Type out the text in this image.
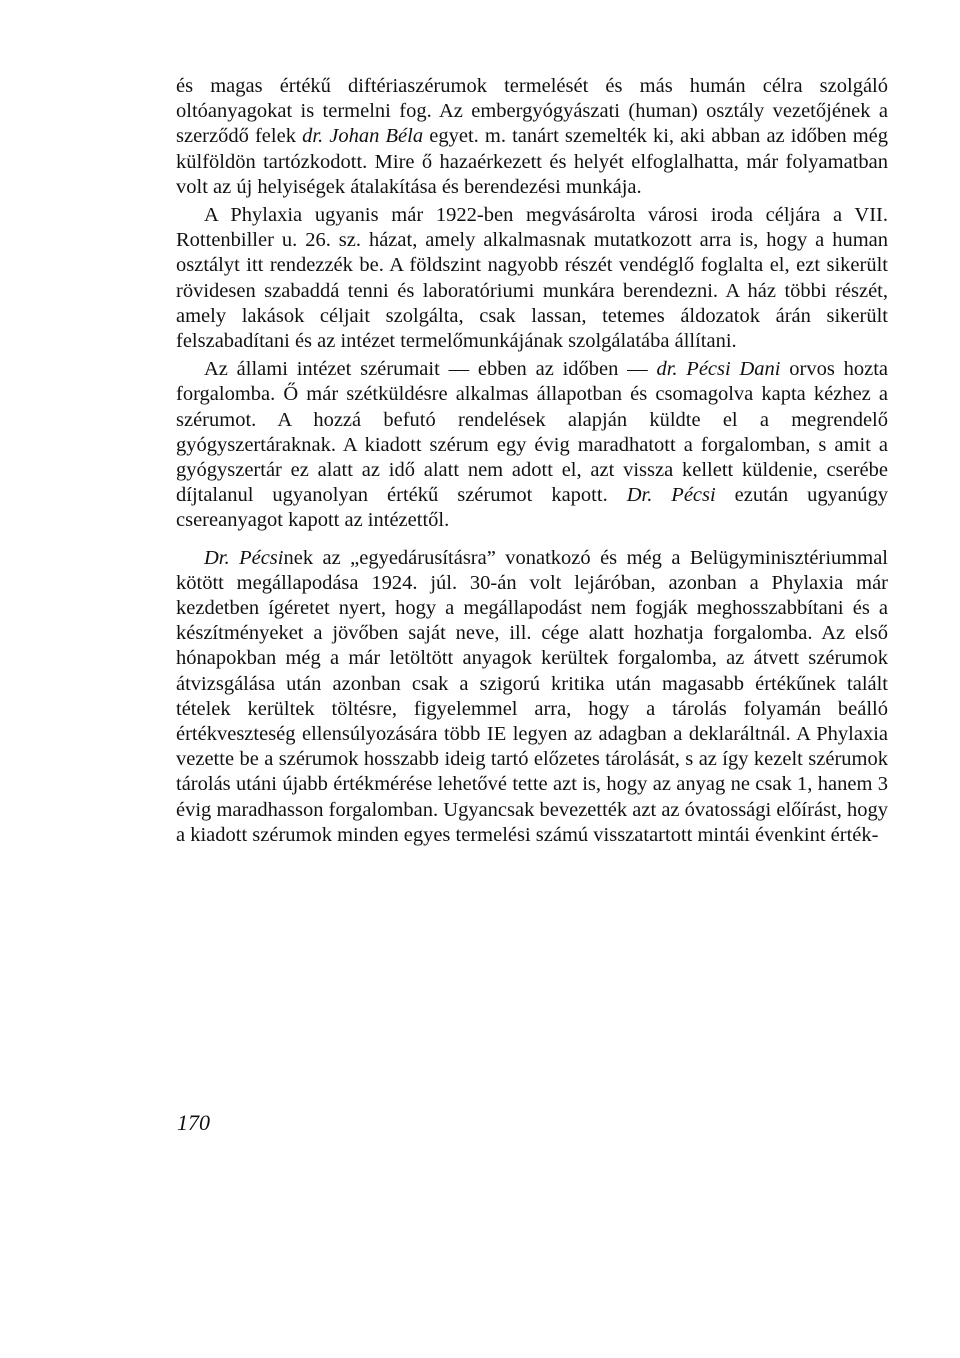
és magas értékű diftériaszérumok termelését és más humán célra szolgáló oltóanyagokat is termelni fog. Az embergyógyászati (human) osztály vezetőjének a szerződő felek dr. Johan Béla egyet. m. tanárt szemelték ki, aki abban az időben még külföldön tartózkodott. Mire ő hazaérkezett és helyét elfoglalhatta, már folyamatban volt az új helyiségek átalakítása és berendezési munkája.

A Phylaxia ugyanis már 1922-ben megvásárolta városi iroda céljára a VII. Rottenbiller u. 26. sz. házat, amely alkalmasnak mutatkozott arra is, hogy a human osztályt itt rendezzék be. A földszint nagyobb részét vendéglő foglalta el, ezt sikerült rövidesen szabaddá tenni és laboratóriumi munkára berendezni. A ház többi részét, amely lakások céljait szolgálta, csak lassan, tetemes áldozatok árán sikerült felszabadítani és az intézet termelőmunkájának szolgálatába állítani.

Az állami intézet szérumait — ebben az időben — dr. Pécsi Dani orvos hozta forgalomba. Ő már szétküldésre alkalmas állapotban és csomagolva kapta kézhez a szérumot. A hozzá befutó rendelések alapján küldte el a megrendelő gyógyszertáraknak. A kiadott szérum egy évig maradhatott a forgalomban, s amit a gyógyszertár ez alatt az idő alatt nem adott el, azt vissza kellett küldenie, cserébe díjtalanul ugyanolyan értékű szérumot kapott. Dr. Pécsi ezután ugyanúgy csereanyagot kapott az intézettől.

Dr. Pécsinek az „egyedárusításra” vonatkozó és még a Belügyminisztériummal kötött megállapodása 1924. júl. 30-án volt lejáróban, azonban a Phylaxia már kezdetben ígéretet nyert, hogy a megállapodást nem fogják meghosszabbítani és a készítményeket a jövőben saját neve, ill. cége alatt hozhatja forgalomba. Az első hónapokban még a már letöltött anyagok kerültek forgalomba, az átvett szérumok átvizsgálása után azonban csak a szigorú kritika után magasabb értékűnek talált tételek kerültek töltésre, figyelemmel arra, hogy a tárolás folyamán beálló értékveszteség ellensúlyozására több IE legyen az adagban a deklaráltnál. A Phylaxia vezette be a szérumok hosszabb ideig tartó előzetes tárolását, s az így kezelt szérumok tárolás utáni újabb értékmérése lehetővé tette azt is, hogy az anyag ne csak 1, hanem 3 évig maradhasson forgalomban. Ugyancsak bevezették azt az óvatossági előírást, hogy a kiadott szérumok minden egyes termelési számú visszatartott mintái évenkint érték-

170
